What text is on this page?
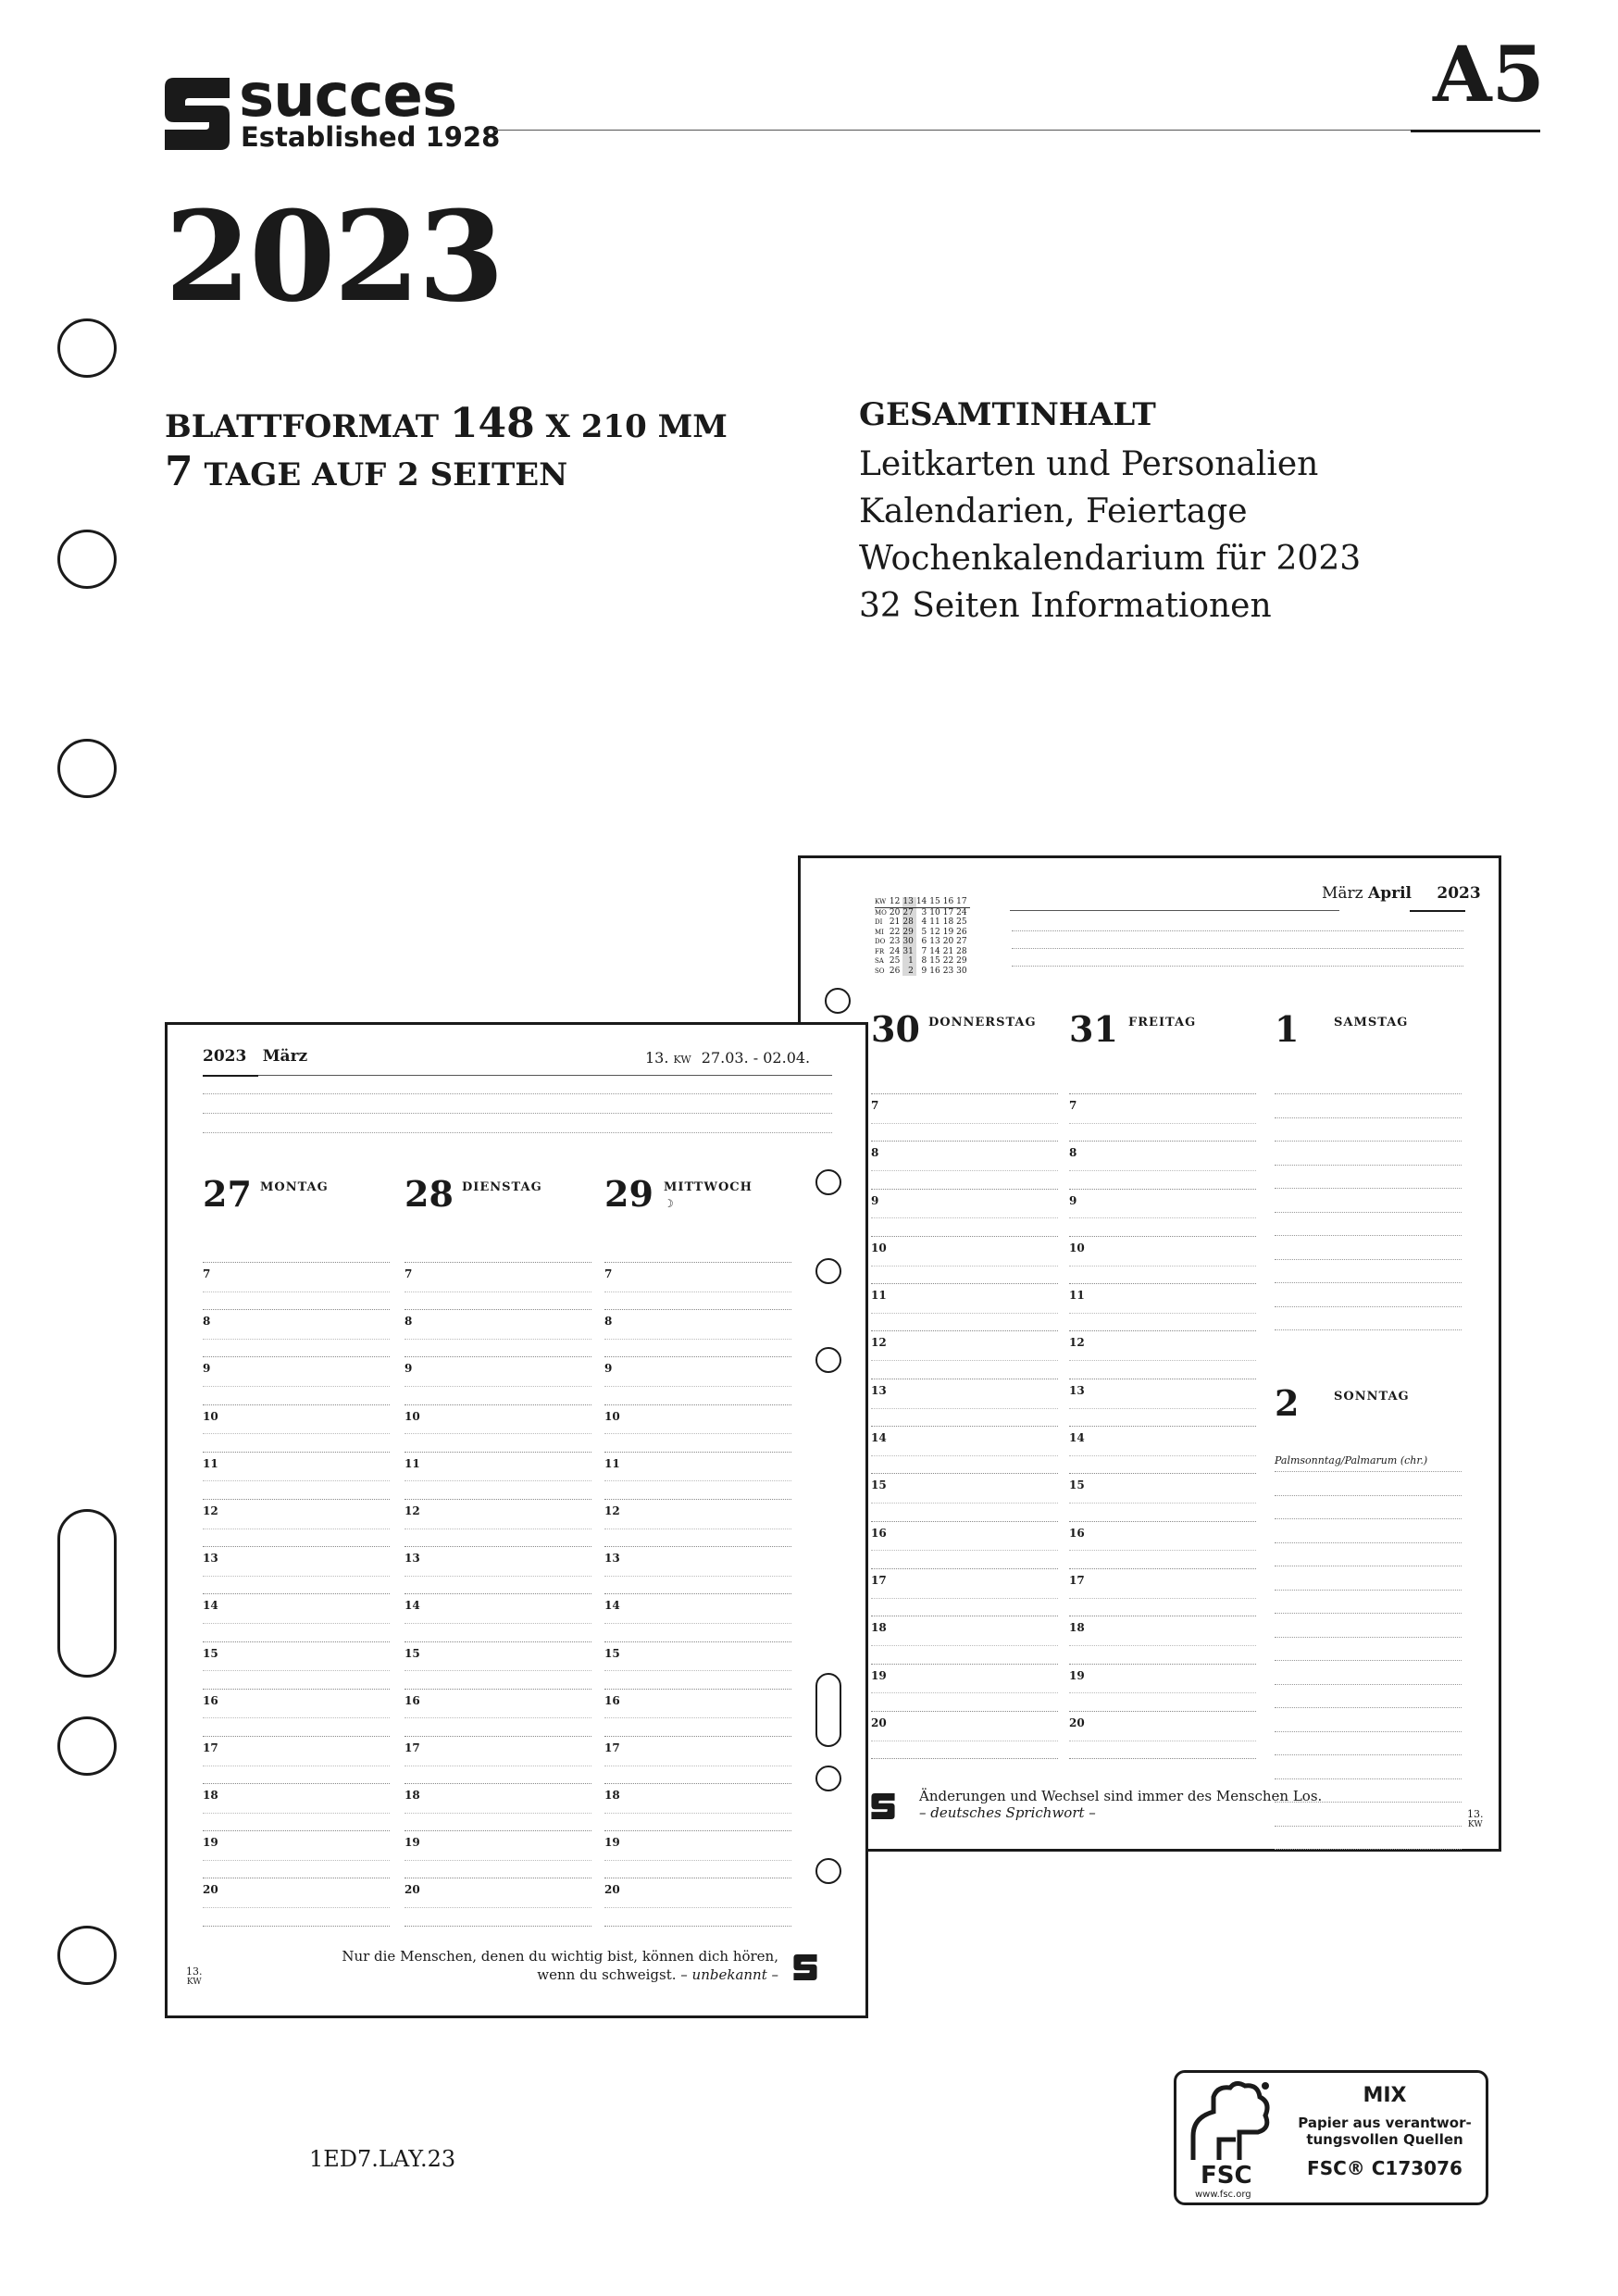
succes
Established 1928
A5
2023
BLATTFORMAT 148 X 210 MM
7 TAGE AUF 2 SEITEN
GESAMTINHALT
Leitkarten und Personalien
Kalendarien, Feiertage
Wochenkalendarium für 2023
32 Seiten Informationen
KW	12	13	14	15	16	17
MO	20	27	3	10	17	24
DI	21	28	4	11	18	25
MI	22	29	5	12	19	26
DO	23	30	6	13	20	27
FR	24	31	7	14	21	28
SA	25	1	8	15	22	29
SO	26	2	9	16	23	30
März April 2023
30 DONNERSTAG 31 FREITAG 1	SAMSTAG
7
8
9
10
11
12
13
14
15
16
17
18
19
20
7
8
9
10
11
12
13
14
15
16
17
18
19
20
2	SONNTAG
Palmsonntag/Palmarum (chr.)
Änderungen und Wechsel sind immer des Menschen Los.
– deutsches Sprichwort –	13.
KW
2023 März	13. KW 27.03. - 02.04.
27 MONTAG 28 DIENSTAG 29 MITTWOCH
☽
7
8
9
10
11
12
13
14
15
16
17
18
19
20
7
8
9
10
11
12
13
14
15
16
17
18
19
20
7
8
9
10
11
12
13
14
15
16
17
18
19
20
13.
KW
Nur die Menschen, denen du wichtig bist, können dich hören,
wenn du schweigst. – unbekannt –
1ED7.LAY.23
FSC
www.fsc.org
MIX
Papier aus verantwor-
tungsvollen Quellen
FSC® C173076
